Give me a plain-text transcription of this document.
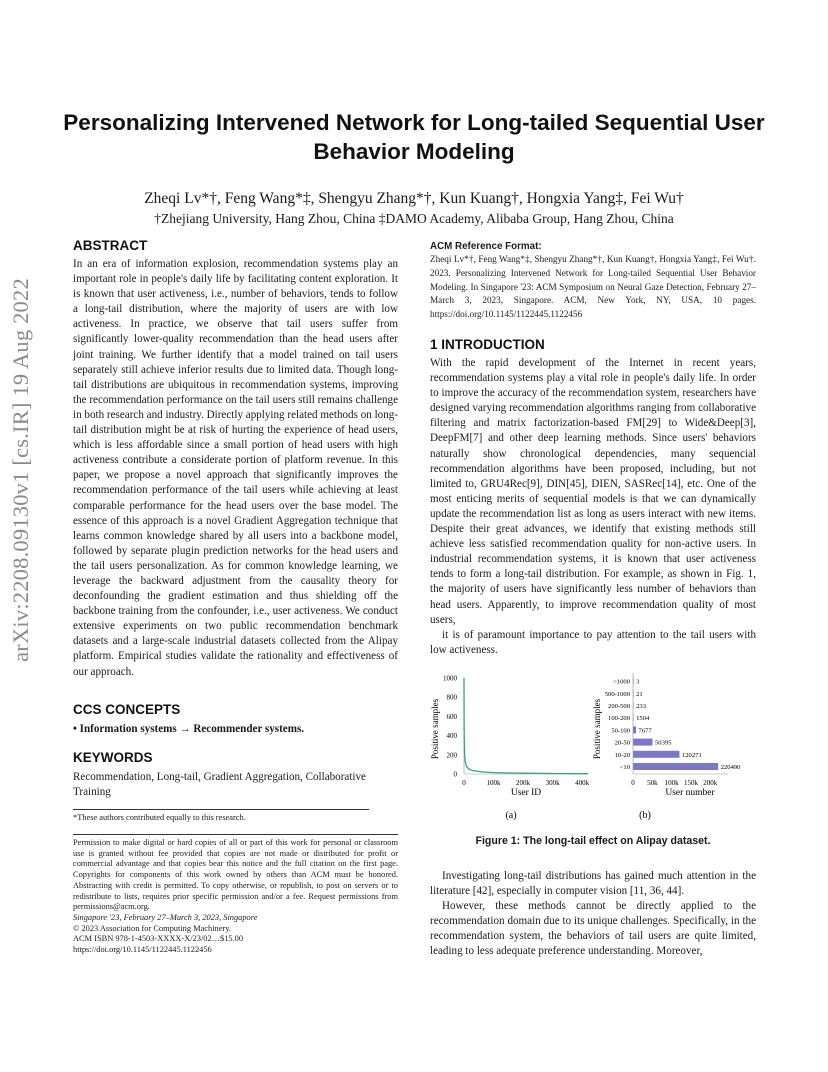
Personalizing Intervened Network for Long-tailed Sequential User Behavior Modeling
Zheqi Lv*†, Feng Wang*‡, Shengyu Zhang*†, Kun Kuang†, Hongxia Yang‡, Fei Wu†
†Zhejiang University, Hang Zhou, China ‡DAMO Academy, Alibaba Group, Hang Zhou, China
arXiv:2208.09130v1 [cs.IR] 19 Aug 2022
ABSTRACT

In an era of information explosion, recommendation systems play an important role in people's daily life by facilitating content exploration. It is known that user activeness, i.e., number of behaviors, tends to follow a long-tail distribution, where the majority of users are with low activeness. In practice, we observe that tail users suffer from significantly lower-quality recommendation than the head users after joint training. We further identify that a model trained on tail users separately still achieve inferior results due to limited data. Though long-tail distributions are ubiquitous in recommendation systems, improving the recommendation performance on the tail users still remains challenge in both research and industry. Directly applying related methods on long-tail distribution might be at risk of hurting the experience of head users, which is less affordable since a small portion of head users with high activeness contribute a considerate portion of platform revenue. In this paper, we propose a novel approach that significantly improves the recommendation performance of the tail users while achieving at least comparable performance for the head users over the base model. The essence of this approach is a novel Gradient Aggregation technique that learns common knowledge shared by all users into a backbone model, followed by separate plugin prediction networks for the head users and the tail users personalization. As for common knowledge learning, we leverage the backward adjustment from the causality theory for deconfounding the gradient estimation and thus shielding off the backbone training from the confounder, i.e., user activeness. We conduct extensive experiments on two public recommendation benchmark datasets and a large-scale industrial datasets collected from the Alipay platform. Empirical studies validate the rationality and effectiveness of our approach.

CCS CONCEPTS

• Information systems → Recommender systems.

KEYWORDS

Recommendation, Long-tail, Gradient Aggregation, Collaborative Training

*These authors contributed equally to this research.
Permission to make digital or hard copies of all or part of this work for personal or classroom use is granted without fee provided that copies are not made or distributed for profit or commercial advantage and that copies bear this notice and the full citation on the first page. Copyrights for components of this work owned by others than ACM must be honored. Abstracting with credit is permitted. To copy otherwise, or republish, to post on servers or to redistribute to lists, requires prior specific permission and/or a fee. Request permissions from permissions@acm.org.
Singapore '23, February 27–March 3, 2023, Singapore
© 2023 Association for Computing Machinery.
ACM ISBN 978-1-4503-XXXX-X/23/02…$15.00
https://doi.org/10.1145/1122445.1122456
ACM Reference Format:
Zheqi Lv*†, Feng Wang*‡, Shengyu Zhang*†, Kun Kuang†, Hongxia Yang‡, Fei Wu†. 2023. Personalizing Intervened Network for Long-tailed Sequential User Behavior Modeling. In Singapore '23: ACM Symposium on Neural Gaze Detection, February 27–March 3, 2023, Singapore. ACM, New York, NY, USA, 10 pages. https://doi.org/10.1145/1122445.1122456
1 INTRODUCTION

With the rapid development of the Internet in recent years, recommendation systems play a vital role in people's daily life. In order to improve the accuracy of the recommendation system, researchers have designed varying recommendation algorithms ranging from collaborative filtering and matrix factorization-based FM[29] to Wide&Deep[3], DeepFM[7] and other deep learning methods. Since users' behaviors naturally show chronological dependencies, many sequencial recommendation algorithms have been proposed, including, but not limited to, GRU4Rec[9], DIN[45], DIEN, SASRec[14], etc. One of the most enticing merits of sequential models is that we can dynamically update the recommendation list as long as users interact with new items. Despite their great advances, we identify that existing methods still achieve less satisfied recommendation quality for non-active users. In industrial recommendation systems, it is known that user activeness tends to form a long-tail distribution. For example, as shown in Fig. 1, the majority of users have significantly less number of behaviors than head users. Apparently, to improve recommendation quality of most users,

it is of paramount importance to pay attention to the tail users with low activeness.

Positive samples
0
200
400
600
800
1000
0	100k 200k 300k 400k
User ID
(a)
Positive samples
>1000
500-1000
200-500
100-200
50-100
20-50
10-20
<10
3
21
233
1504
7677
50395
120271
220490
0 50k 100k 150k 200k
User number
(b)
Figure 1: The long-tail effect on Alipay dataset.

Investigating long-tail distributions has gained much attention in the literature [42], especially in computer vision [11, 36, 44].

However, these methods cannot be directly applied to the recommendation domain due to its unique challenges. Specifically, in the recommendation system, the behaviors of tail users are quite limited, leading to less adequate preference understanding. Moreover,
